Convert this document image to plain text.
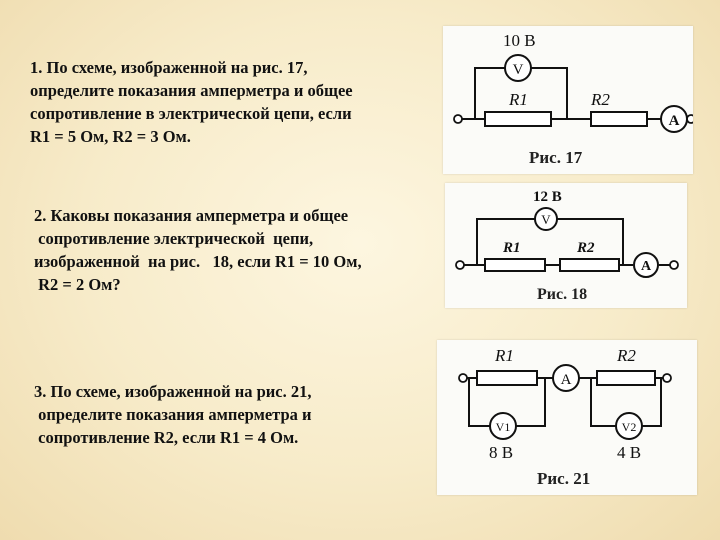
1. По схеме, изображенной на рис. 17,
определите показания амперметра и общее
сопротивление в электрической цепи, если
R1 = 5 Ом, R2 = 3 Ом.
2. Каковы показания амперметра и общее
сопротивление электрической  цепи,
изображенной  на рис.   18, если R1 = 10 Ом,
R2 = 2 Ом?
3. По схеме, изображенной на рис. 21,
определите показания амперметра и
сопротивление R2, если R1 = 4 Ом.
10 В
V
R1	R2
A
Рис. 17
12 В
V
R1	R2
A
Рис. 18
R1	R2
A
V1	V2
8 В	4 В
Рис. 21
